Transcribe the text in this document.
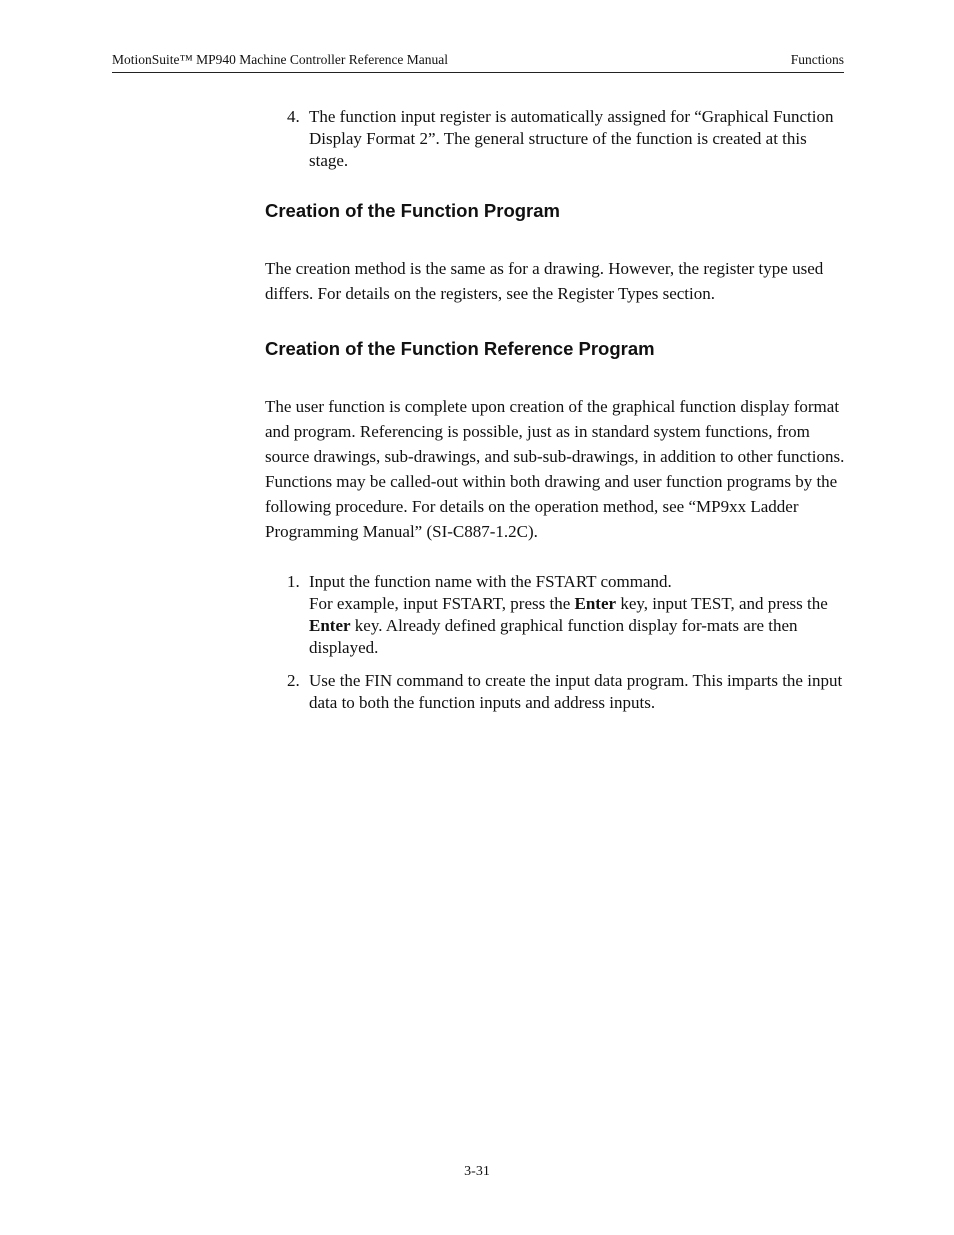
MotionSuite™ MP940 Machine Controller Reference Manual	Functions
4. The function input register is automatically assigned for “Graphical Function Display Format 2”. The general structure of the function is created at this stage.

Creation of the Function Program

The creation method is the same as for a drawing. However, the register type used differs. For details on the registers, see the Register Types section.

Creation of the Function Reference Program

The user function is complete upon creation of the graphical function display format and program. Referencing is possible, just as in standard system functions, from source drawings, sub-drawings, and sub-sub-drawings, in addition to other functions. Functions may be called-out within both drawing and user function programs by the following procedure. For details on the operation method, see “MP9xx Ladder Programming Manual” (SI-C887-1.2C).

1. Input the function name with the FSTART command.

For example, input FSTART, press the Enter key, input TEST, and press the Enter key. Already defined graphical function display for-mats are then displayed.

2. Use the FIN command to create the input data program. This imparts the input data to both the function inputs and address inputs.

3-31
